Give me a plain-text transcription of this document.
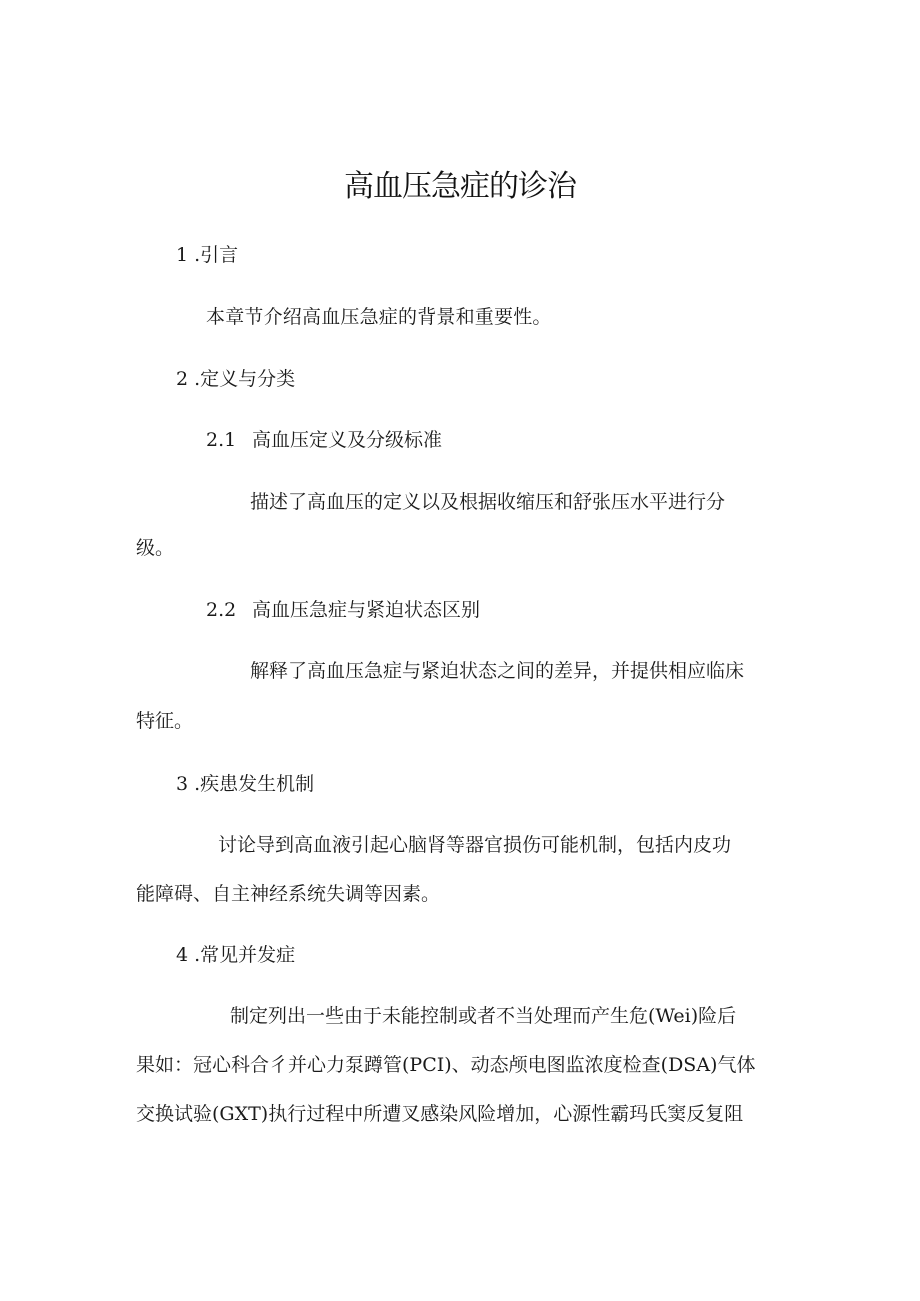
高血压急症的诊治
1 .引言
本章节介绍高血压急症的背景和重要性。
2 .定义与分类
2.1 高血压定义及分级标准
描述了高血压的定义以及根据收缩压和舒张压水平进行分
级。
2.2 高血压急症与紧迫状态区别
解释了高血压急症与紧迫状态之间的差异，并提供相应临床
特征。
3 .疾患发生机制
讨论导到高血液引起心脑肾等器官损伤可能机制，包括内皮功
能障碍、自主神经系统失调等因素。
4 .常见并发症
制定列出一些由于未能控制或者不当处理而产生危(Wei)险后
果如：冠心科合彳并心力泵蹲管(PCI)、动态颅电图监浓度检查(DSA)气体
交换试验(GXT)执行过程中所遭叉感染风险增加，心源性霸玛氏窦反复阻
